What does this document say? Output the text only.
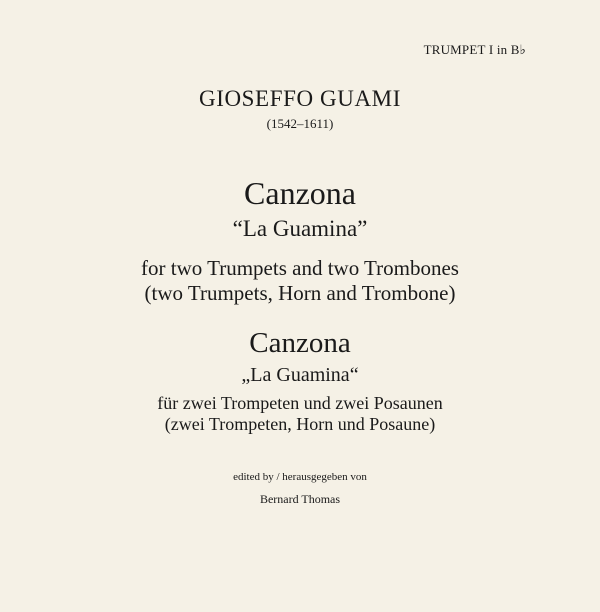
TRUMPET I in B♭
GIOSEFFO GUAMI
(1542–1611)
Canzona
“La Guamina”
for two Trumpets and two Trombones
(two Trumpets, Horn and Trombone)
Canzona
„La Guamina“
für zwei Trompeten und zwei Posaunen
(zwei Trompeten, Horn und Posaune)
edited by / herausgegeben von
Bernard Thomas
